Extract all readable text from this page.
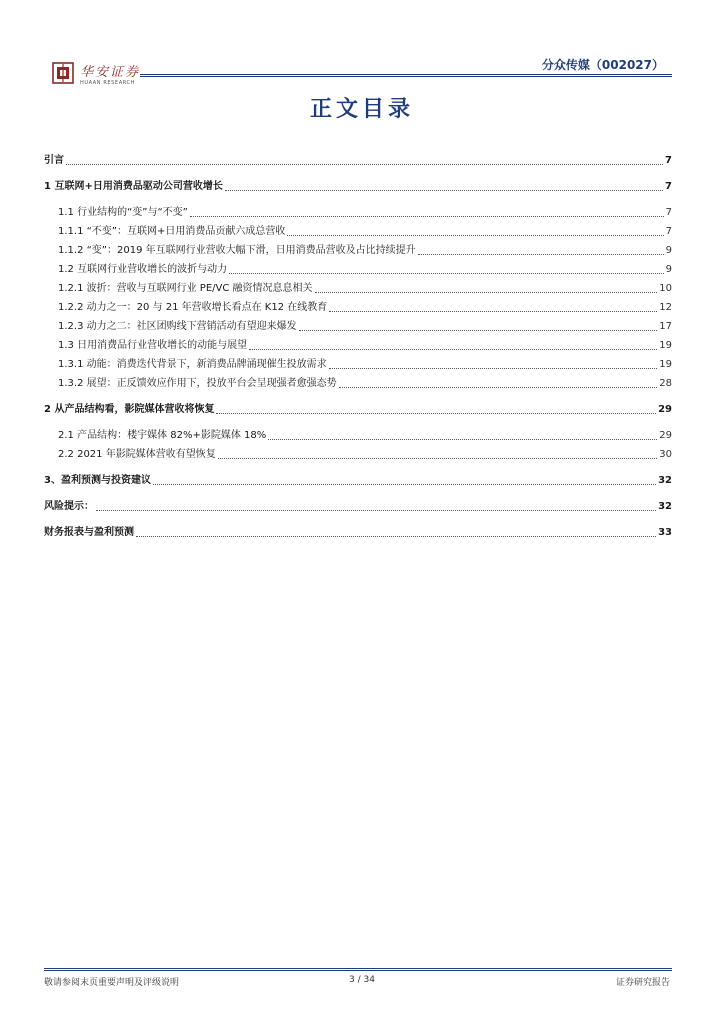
华安证券
HUAAN RESEARCH
分众传媒（002027）
正文目录
引言	7
1 互联网+日用消费品驱动公司营收增长	7
1.1 行业结构的“变”与“不变”	7
1.1.1 “不变”：互联网+日用消费品贡献六成总营收	7
1.1.2 “变”：2019 年互联网行业营收大幅下滑，日用消费品营收及占比持续提升	9
1.2 互联网行业营收增长的波折与动力	9
1.2.1 波折：营收与互联网行业 PE/VC 融资情况息息相关	10
1.2.2 动力之一：20 与 21 年营收增长看点在 K12 在线教育	12
1.2.3 动力之二：社区团购线下营销活动有望迎来爆发	17
1.3 日用消费品行业营收增长的动能与展望	19
1.3.1 动能：消费迭代背景下，新消费品牌涌现催生投放需求	19
1.3.2 展望：正反馈效应作用下，投放平台会呈现强者愈强态势	28
2 从产品结构看，影院媒体营收将恢复	29
2.1 产品结构：楼宇媒体 82%+影院媒体 18%	29
2.2 2021 年影院媒体营收有望恢复	30
3、盈利预测与投资建议	32
风险提示：	32
财务报表与盈利预测	33
敬请参阅末页重要声明及评级说明	3 / 34	证券研究报告
